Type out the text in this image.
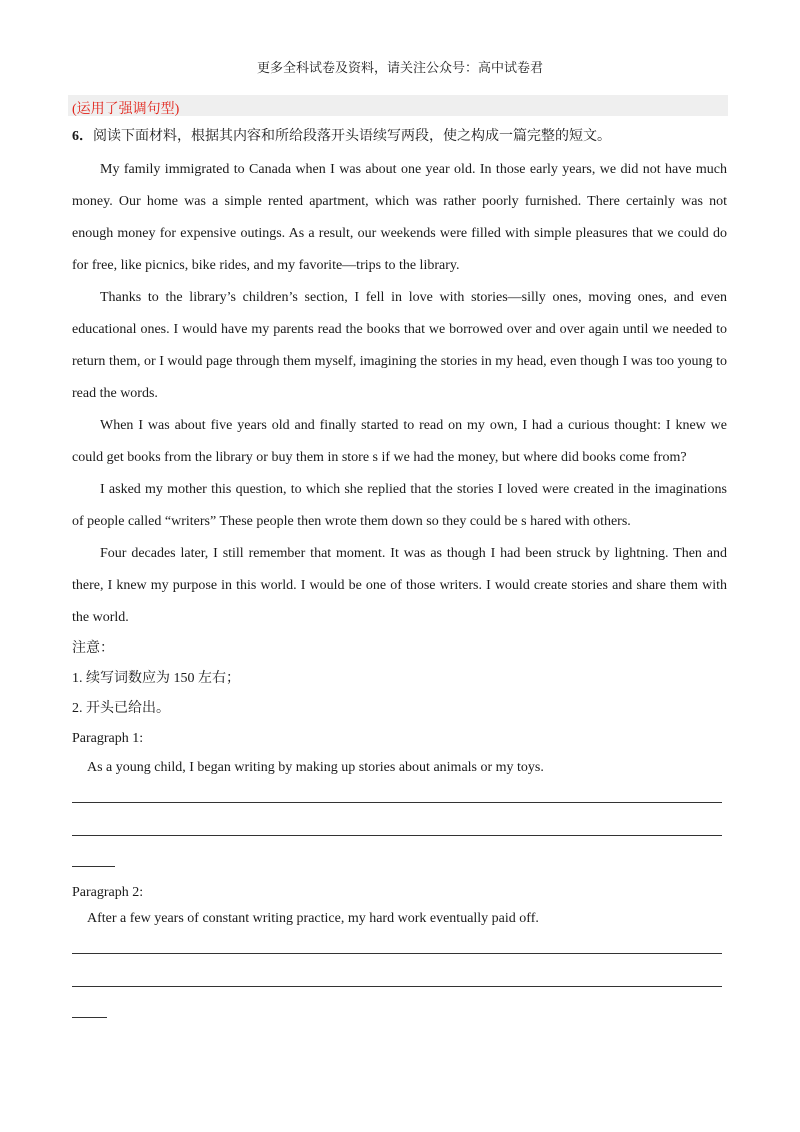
更多全科试卷及资料，请关注公众号：高中试卷君
(运用了强调句型)
6．阅读下面材料，根据其内容和所给段落开头语续写两段，使之构成一篇完整的短文。

My family immigrated to Canada when I was about one year old. In those early years, we did not have much money. Our home was a simple rented apartment, which was rather poorly furnished. There certainly was not enough money for expensive outings. As a result, our weekends were filled with simple pleasures that we could do for free, like picnics, bike rides, and my favorite—trips to the library.

Thanks to the library’s children’s section, I fell in love with stories—silly ones, moving ones, and even educational ones. I would have my parents read the books that we borrowed over and over again until we needed to return them, or I would page through them myself, imagining the stories in my head, even though I was too young to read the words.

When I was about five years old and finally started to read on my own, I had a curious thought: I knew we could get books from the library or buy them in store s if we had the money, but where did books come from?

I asked my mother this question, to which she replied that the stories I loved were created in the imaginations of people called “writers” These people then wrote them down so they could be s hared with others.

Four decades later, I still remember that moment. It was as though I had been struck by lightning. Then and there, I knew my purpose in this world. I would be one of those writers. I would create stories and share them with the world.

注意：

1. 续写词数应为 150 左右；

2. 开头已给出。

Paragraph 1:

As a young child, I began writing by making up stories about animals or my toys.

Paragraph 2:

After a few years of constant writing practice, my hard work eventually paid off.
